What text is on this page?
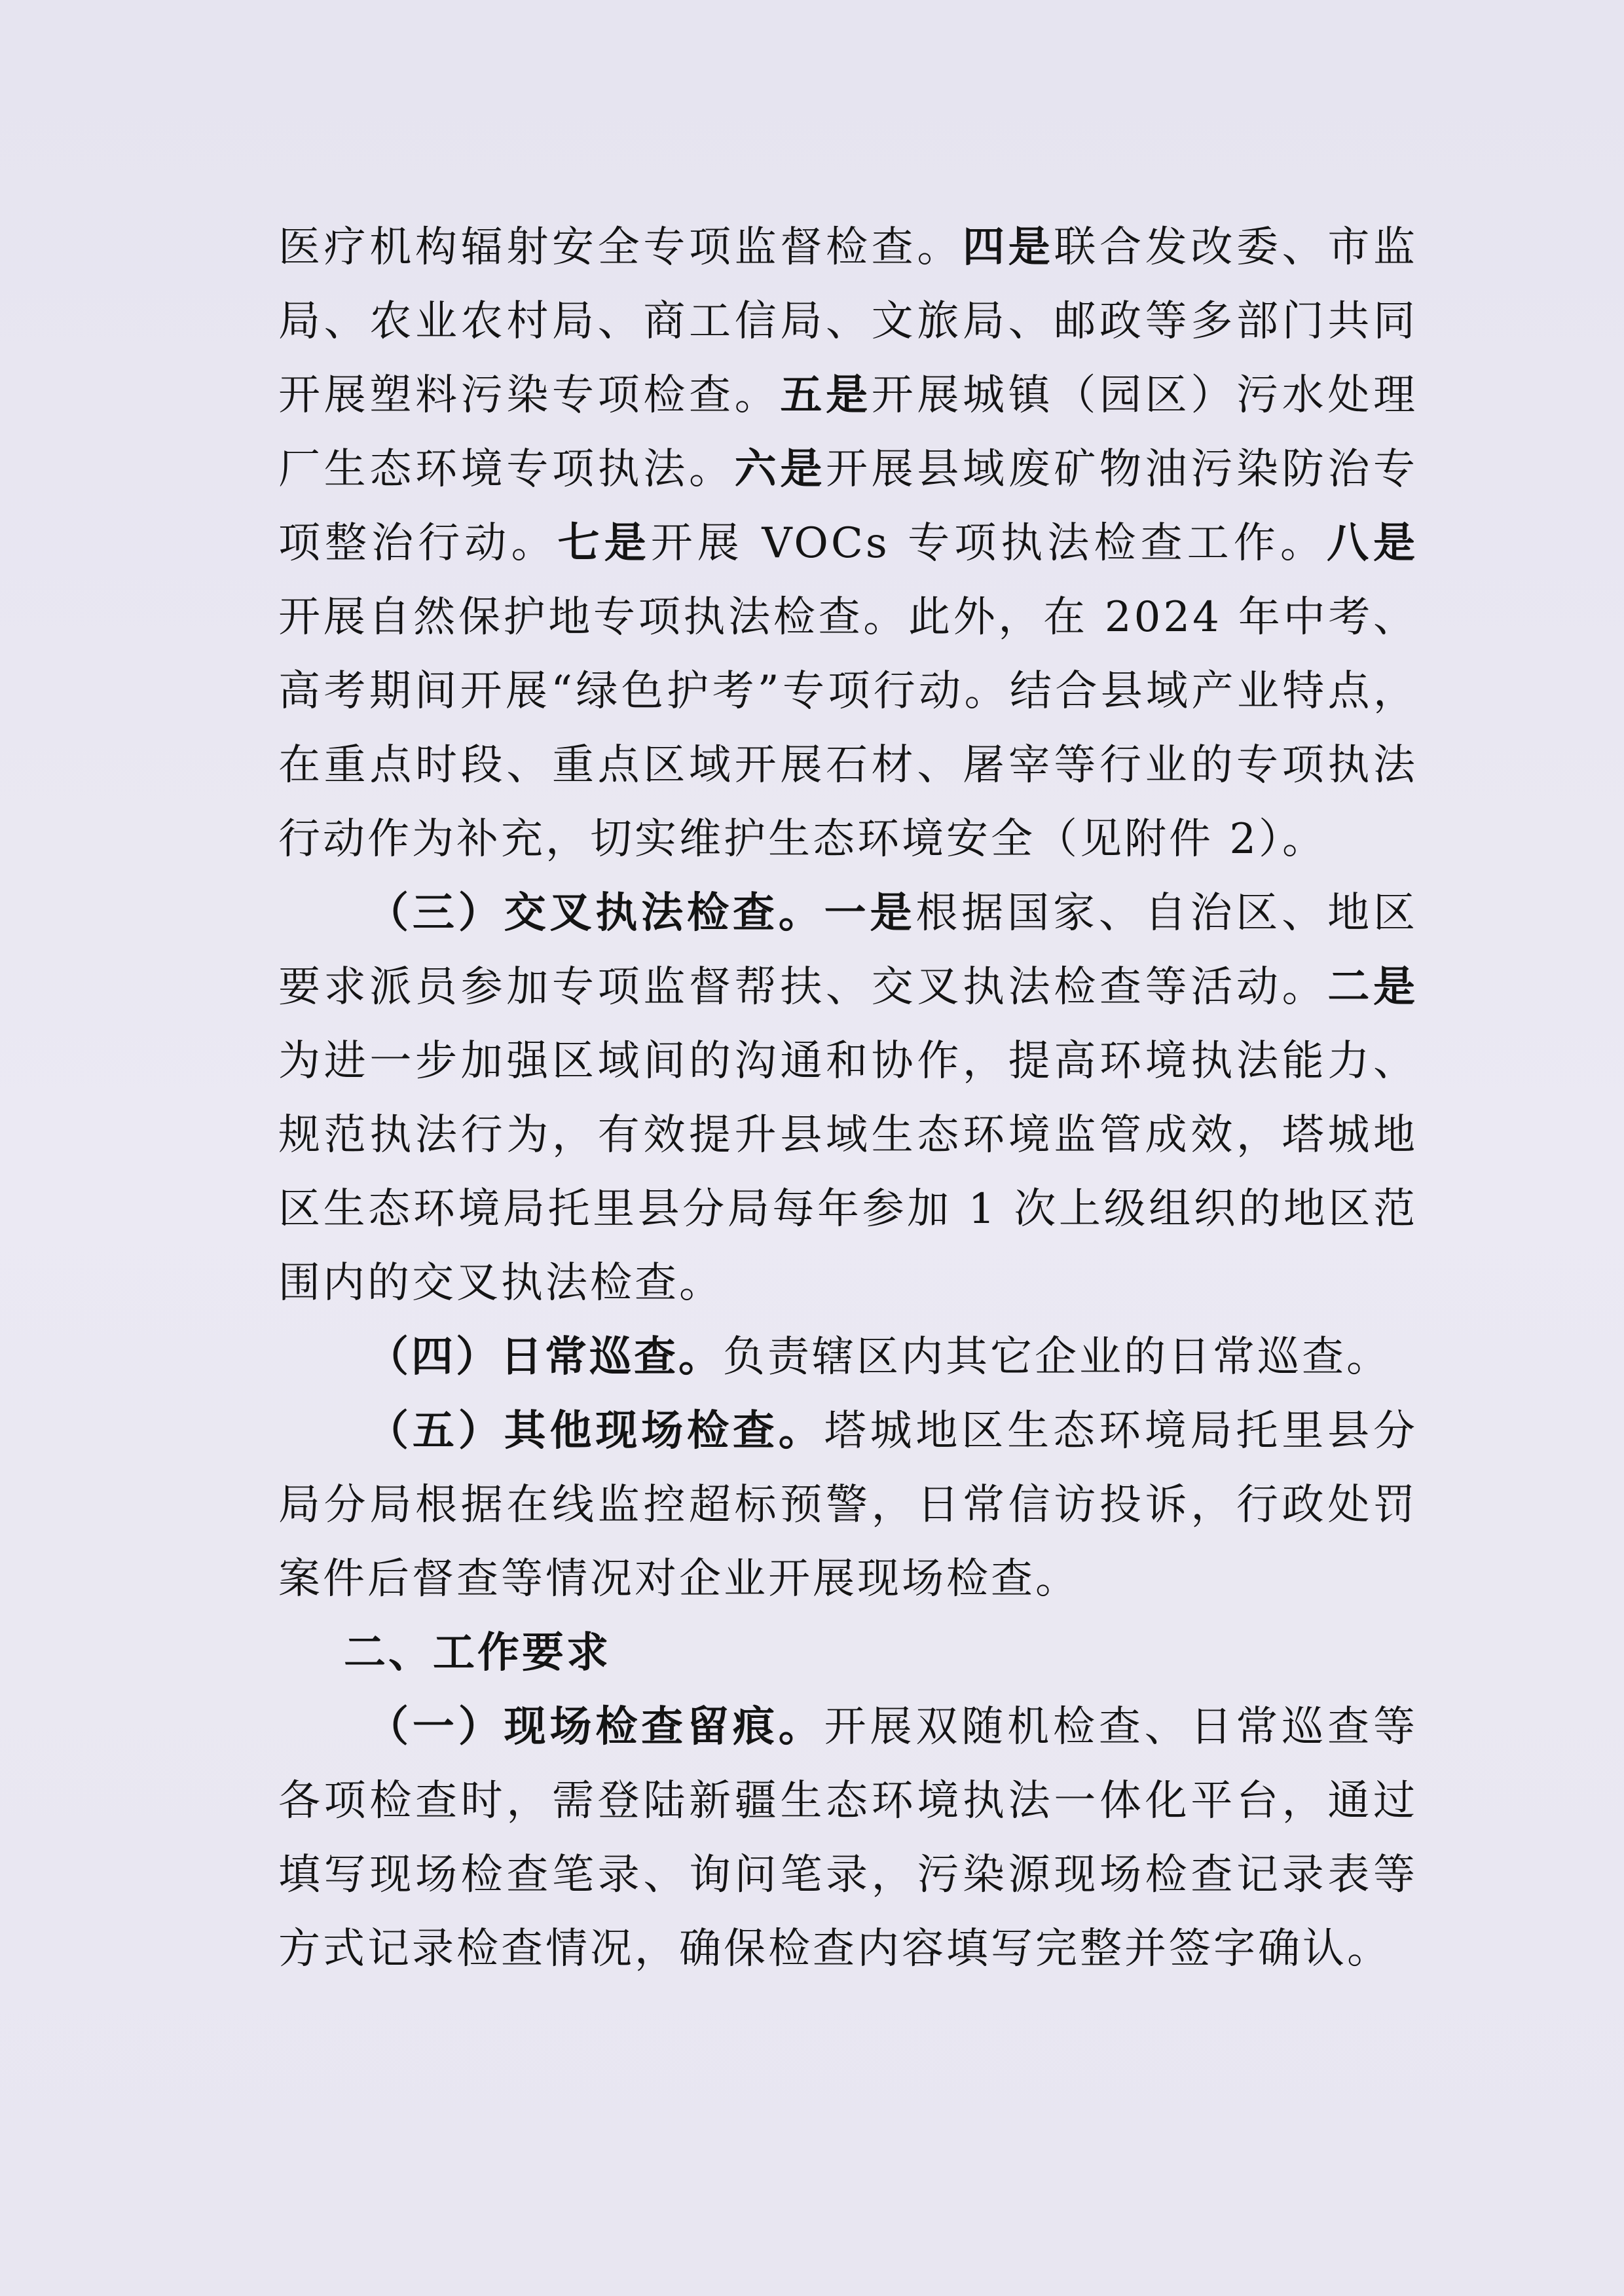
医疗机构辐射安全专项监督检查。四是联合发改委、市监局、农业农村局、商工信局、文旅局、邮政等多部门共同开展塑料污染专项检查。五是开展城镇（园区）污水处理厂生态环境专项执法。六是开展县域废矿物油污染防治专项整治行动。七是开展 VOCs 专项执法检查工作。八是开展自然保护地专项执法检查。此外，在 2024 年中考、高考期间开展“绿色护考”专项行动。结合县域产业特点，在重点时段、重点区域开展石材、屠宰等行业的专项执法行动作为补充，切实维护生态环境安全（见附件 2）。

（三）交叉执法检查。一是根据国家、自治区、地区要求派员参加专项监督帮扶、交叉执法检查等活动。二是为进一步加强区域间的沟通和协作，提高环境执法能力、规范执法行为，有效提升县域生态环境监管成效，塔城地区生态环境局托里县分局每年参加 1 次上级组织的地区范围内的交叉执法检查。

（四）日常巡查。负责辖区内其它企业的日常巡查。

（五）其他现场检查。塔城地区生态环境局托里县分局分局根据在线监控超标预警，日常信访投诉，行政处罚案件后督查等情况对企业开展现场检查。

二、工作要求

（一）现场检查留痕。开展双随机检查、日常巡查等各项检查时，需登陆新疆生态环境执法一体化平台，通过填写现场检查笔录、询问笔录，污染源现场检查记录表等方式记录检查情况，确保检查内容填写完整并签字确认。
